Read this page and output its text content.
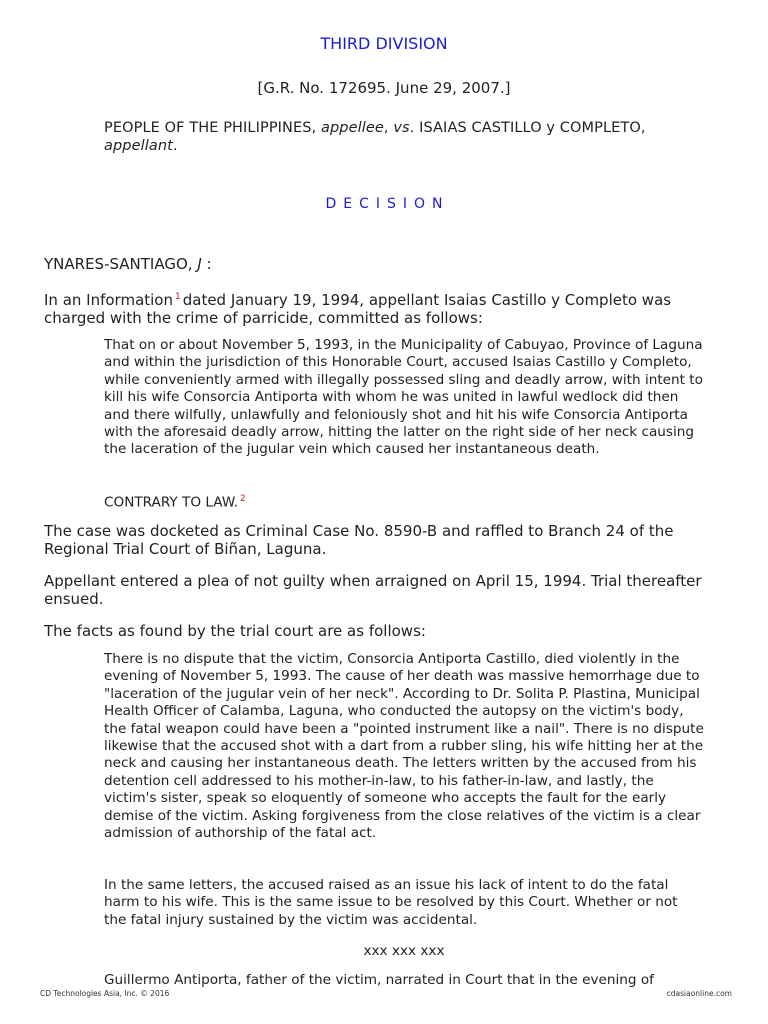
THIRD DIVISION
[G.R. No. 172695. June 29, 2007.]
PEOPLE OF THE PHILIPPINES, appellee, vs. ISAIAS CASTILLO y COMPLETO, appellant.
DECISION
YNARES-SANTIAGO, J :
In an Information $^1$ dated January 19, 1994, appellant Isaias Castillo y Completo was charged with the crime of parricide, committed as follows:
That on or about November 5, 1993, in the Municipality of Cabuyao, Province of Laguna and within the jurisdiction of this Honorable Court, accused Isaias Castillo y Completo, while conveniently armed with illegally possessed sling and deadly arrow, with intent to kill his wife Consorcia Antiporta with whom he was united in lawful wedlock did then and there wilfully, unlawfully and feloniously shot and hit his wife Consorcia Antiporta with the aforesaid deadly arrow, hitting the latter on the right side of her neck causing the laceration of the jugular vein which caused her instantaneous death.
CONTRARY TO LAW. $^2$
The case was docketed as Criminal Case No. 8590-B and raffled to Branch 24 of the Regional Trial Court of Biñan, Laguna.
Appellant entered a plea of not guilty when arraigned on April 15, 1994. Trial thereafter ensued.
The facts as found by the trial court are as follows:
There is no dispute that the victim, Consorcia Antiporta Castillo, died violently in the evening of November 5, 1993. The cause of her death was massive hemorrhage due to "laceration of the jugular vein of her neck". According to Dr. Solita P. Plastina, Municipal Health Officer of Calamba, Laguna, who conducted the autopsy on the victim's body, the fatal weapon could have been a "pointed instrument like a nail". There is no dispute likewise that the accused shot with a dart from a rubber sling, his wife hitting her at the neck and causing her instantaneous death. The letters written by the accused from his detention cell addressed to his mother-in-law, to his father-in-law, and lastly, the victim's sister, speak so eloquently of someone who accepts the fault for the early demise of the victim. Asking forgiveness from the close relatives of the victim is a clear admission of authorship of the fatal act.
In the same letters, the accused raised as an issue his lack of intent to do the fatal harm to his wife. This is the same issue to be resolved by this Court. Whether or not the fatal injury sustained by the victim was accidental.
xxx xxx xxx
Guillermo Antiporta, father of the victim, narrated in Court that in the evening of
CD Technologies Asia, Inc. © 2016	cdasiaonline.com
